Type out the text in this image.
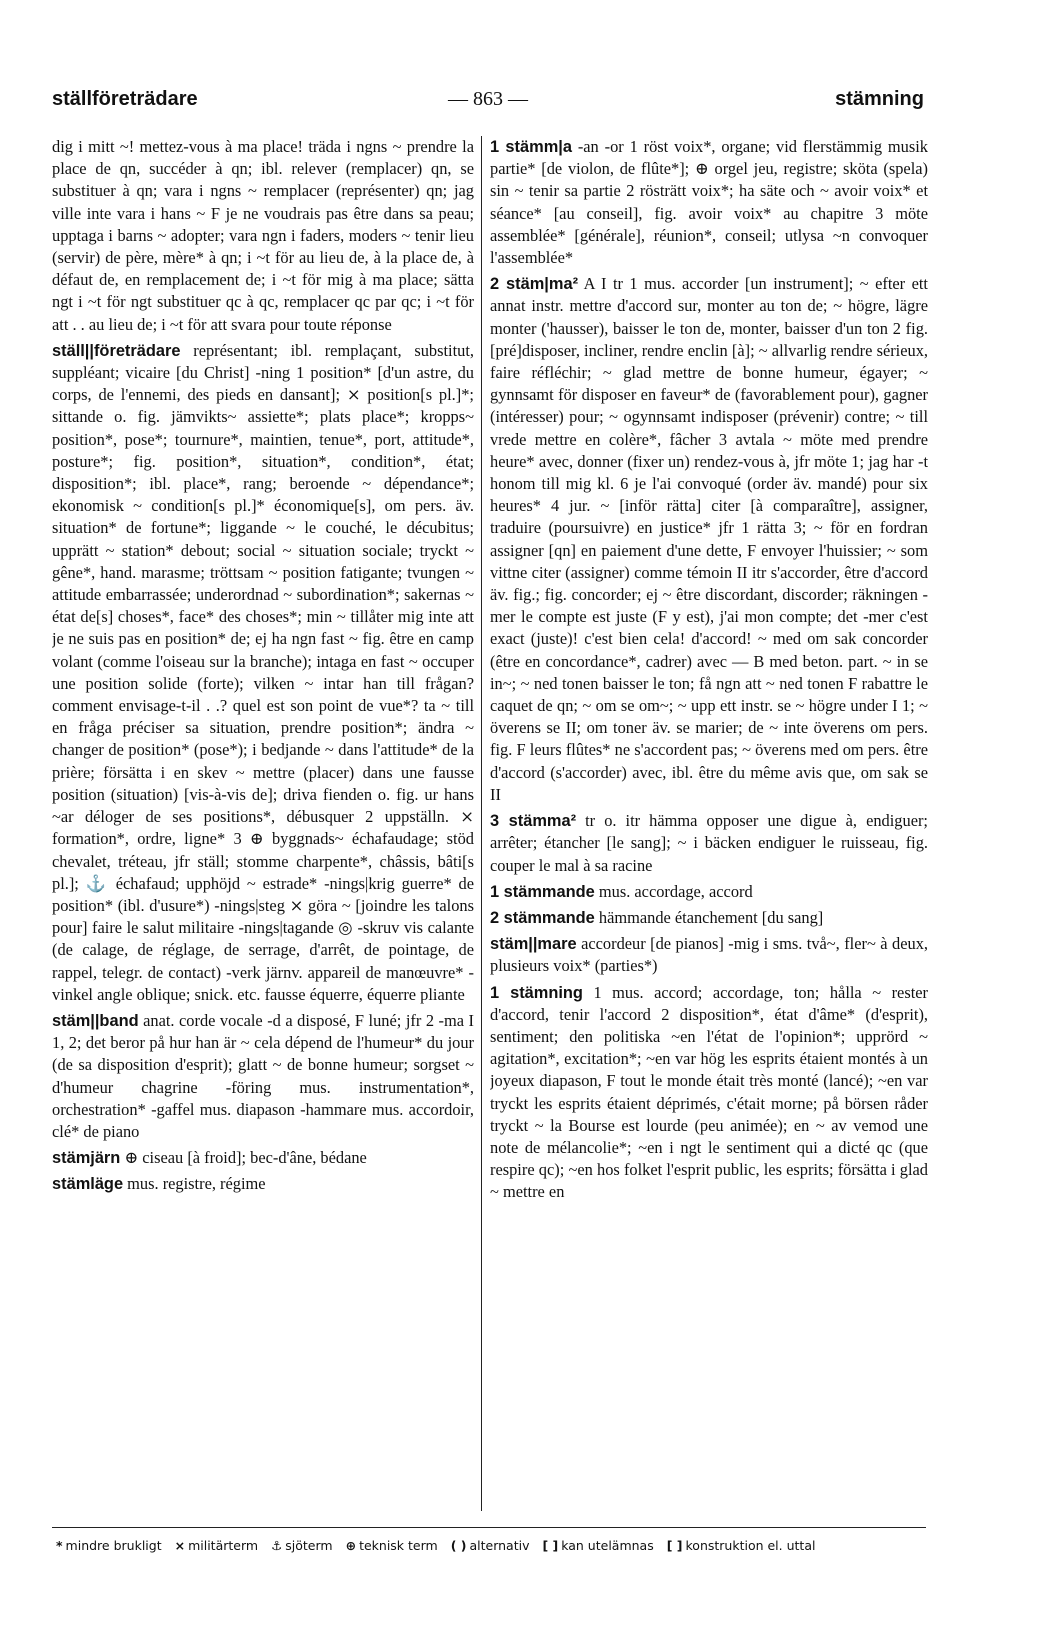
ställföreträdare	— 863 —	stämning

dig i mitt ~! mettez-vous à ma place! träda i ngns ~ prendre la place de qn, succéder à qn; ibl. relever (remplacer) qn, se substituer à qn; vara i ngns ~ remplacer (représenter) qn; jag ville inte vara i hans ~ F je ne voudrais pas être dans sa peau; upptaga i barns ~ adopter; vara ngn i faders, moders ~ tenir lieu (servir) de père, mère* à qn; i ~t för au lieu de, à la place de, à défaut de, en remplacement de; i ~t för mig à ma place; sätta ngt i ~t för ngt substituer qc à qc, remplacer qc par qc; i ~t för att . . au lieu de; i ~t för att svara pour toute réponse

ställ||företrädare représentant; ibl. remplaçant, substitut, suppléant; vicaire [du Christ] -ning 1 position* [d'un astre, du corps, de l'ennemi, des pieds en dansant]; ⨯ position[s pl.]*; sittande o. fig. jämvikts~ assiette*; plats place*; kropps~ position*, pose*; tournure*, maintien, tenue*, port, attitude*, posture*; fig. position*, situation*, condition*, état; disposition*; ibl. place*, rang; beroende ~ dépendance*; ekonomisk ~ condition[s pl.]* économique[s], om pers. äv. situation* de fortune*; liggande ~ le couché, le décubitus; upprätt ~ station* debout; social ~ situation sociale; tryckt ~ gêne*, hand. marasme; tröttsam ~ position fatigante; tvungen ~ attitude embarrassée; underordnad ~ subordination*; sakernas ~ état de[s] choses*, face* des choses*; min ~ tillåter mig inte att je ne suis pas en position* de; ej ha ngn fast ~ fig. être en camp volant (comme l'oiseau sur la branche); intaga en fast ~ occuper une position solide (forte); vilken ~ intar han till frågan? comment envisage-t-il . .? quel est son point de vue*? ta ~ till en fråga préciser sa situation, prendre position*; ändra ~ changer de position* (pose*); i bedjande ~ dans l'attitude* de la prière; försätta i en skev ~ mettre (placer) dans une fausse position (situation) [vis-à-vis de]; driva fienden o. fig. ur hans ~ar déloger de ses positions*, débusquer 2 uppställn. ⨯ formation*, ordre, ligne* 3 ⊕ byggnads~ échafaudage; stöd chevalet, tréteau, jfr ställ; stomme charpente*, châssis, bâti[s pl.]; ⚓ échafaud; upphöjd ~ estrade* -nings|krig guerre* de position* (ibl. d'usure*) -nings|steg ⨯ göra ~ [joindre les talons pour] faire le salut militaire -nings|tagande ◎ -skruv vis calante (de calage, de réglage, de serrage, d'arrêt, de pointage, de rappel, telegr. de contact) -verk järnv. appareil de manœuvre* -vinkel angle oblique; snick. etc. fausse équerre, équerre pliante

stäm||band anat. corde vocale -d a disposé, F luné; jfr 2 -ma I 1, 2; det beror på hur han är ~ cela dépend de l'humeur* du jour (de sa disposition d'esprit); glatt ~ de bonne humeur; sorgset ~ d'humeur chagrine -föring mus. instrumentation*, orchestration* -gaffel mus. diapason -hammare mus. accordoir, clé* de piano

stämjärn ⊕ ciseau [à froid]; bec-d'âne, bédane

stämläge mus. registre, régime

1 stämm|a -an -or 1 röst voix*, organe; vid flerstämmig musik partie* [de violon, de flûte*]; ⊕ orgel jeu, registre; sköta (spela) sin ~ tenir sa partie 2 rösträtt voix*; ha säte och ~ avoir voix* et séance* [au conseil], fig. avoir voix* au chapitre 3 möte assemblée* [générale], réunion*, conseil; utlysa ~n convoquer l'assemblée*

2 stäm|ma² A I tr 1 mus. accorder [un instrument]; ~ efter ett annat instr. mettre d'accord sur, monter au ton de; ~ högre, lägre monter ('hausser), baisser le ton de, monter, baisser d'un ton 2 fig. [pré]disposer, incliner, rendre enclin [à]; ~ allvarlig rendre sérieux, faire réfléchir; ~ glad mettre de bonne humeur, égayer; ~ gynnsamt för disposer en faveur* de (favorablement pour), gagner (intéresser) pour; ~ ogynnsamt indisposer (prévenir) contre; ~ till vrede mettre en colère*, fâcher 3 avtala ~ möte med prendre heure* avec, donner (fixer un) rendez-vous à, jfr möte 1; jag har -t honom till mig kl. 6 je l'ai convoqué (order äv. mandé) pour six heures* 4 jur. ~ [inför rätta] citer [à comparaître], assigner, traduire (poursuivre) en justice* jfr 1 rätta 3; ~ för en fordran assigner [qn] en paiement d'une dette, F envoyer l'huissier; ~ som vittne citer (assigner) comme témoin II itr s'accorder, être d'accord äv. fig.; fig. concorder; ej ~ être discordant, discorder; räkningen -mer le compte est juste (F y est), j'ai mon compte; det -mer c'est exact (juste)! c'est bien cela! d'accord! ~ med om sak concorder (être en concordance*, cadrer) avec — B med beton. part. ~ in se in~; ~ ned tonen baisser le ton; få ngn att ~ ned tonen F rabattre le caquet de qn; ~ om se om~; ~ upp ett instr. se ~ högre under I 1; ~ överens se II; om toner äv. se marier; de ~ inte överens om pers. fig. F leurs flûtes* ne s'accordent pas; ~ överens med om pers. être d'accord (s'accorder) avec, ibl. être du même avis que, om sak se II

3 stämma² tr o. itr hämma opposer une digue à, endiguer; arrêter; étancher [le sang]; ~ i bäcken endiguer le ruisseau, fig. couper le mal à sa racine

1 stämmande mus. accordage, accord

2 stämmande hämmande étanchement [du sang]

stäm||mare accordeur [de pianos] -mig i sms. två~, fler~ à deux, plusieurs voix* (parties*)

1 stämning 1 mus. accord; accordage, ton; hålla ~ rester d'accord, tenir l'accord 2 disposition*, état d'âme* (d'esprit), sentiment; den politiska ~en l'état de l'opinion*; upprörd ~ agitation*, excitation*; ~en var hög les esprits étaient montés à un joyeux diapason, F tout le monde était très monté (lancé); ~en var tryckt les esprits étaient déprimés, c'était morne; på börsen råder tryckt ~ la Bourse est lourde (peu animée); en ~ av vemod une note de mélancolie*; ~en i ngt le sentiment qui a dicté qc (que respire qc); ~en hos folket l'esprit public, les esprits; försätta i glad ~ mettre en

* mindre brukligt ⨯ militärterm ⚓ sjöterm ⊕ teknisk term ( ) alternativ [ ] kan utelämnas [ ] konstruktion el. uttal
